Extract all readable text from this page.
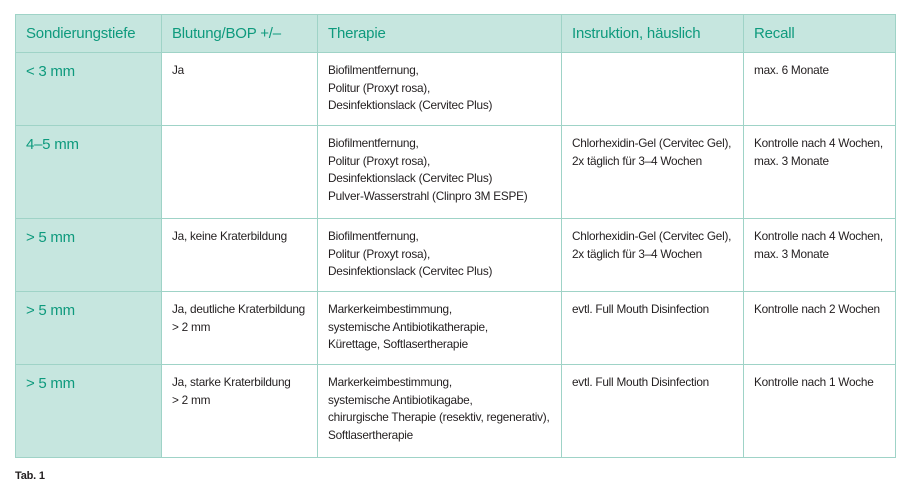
Sondierungstiefe	Blutung/BOP +/–	Therapie	Instruktion, häuslich	Recall
< 3 mm	Ja	Biofilmentfernung,
Politur (Proxyt rosa),
Desinfektionslack (Cervitec Plus)		max. 6 Monate

4–5 mm		Biofilmentfernung,
Politur (Proxyt rosa),
Desinfektionslack (Cervitec Plus)
Pulver-Wasserstrahl (Clinpro 3M ESPE)	Chlorhexidin-Gel (Cervitec Gel),
2x täglich für 3–4 Wochen	Kontrolle nach 4 Wochen,
max. 3 Monate

> 5 mm	Ja, keine Kraterbildung	Biofilmentfernung,
Politur (Proxyt rosa),
Desinfektionslack (Cervitec Plus)	Chlorhexidin-Gel (Cervitec Gel),
2x täglich für 3–4 Wochen	Kontrolle nach 4 Wochen,
max. 3 Monate

> 5 mm	Ja, deutliche Kraterbildung
> 2 mm	Markerkeimbestimmung,
systemische Antibiotikatherapie,
Kürettage, Softlasertherapie	evtl. Full Mouth Disinfection	Kontrolle nach 2 Wochen

> 5 mm	Ja, starke Kraterbildung
> 2 mm	Markerkeimbestimmung,
systemische Antibiotikagabe,
chirurgische Therapie (resektiv, regenerativ),
Softlasertherapie	evtl. Full Mouth Disinfection	Kontrolle nach 1 Woche
Tab. 1
